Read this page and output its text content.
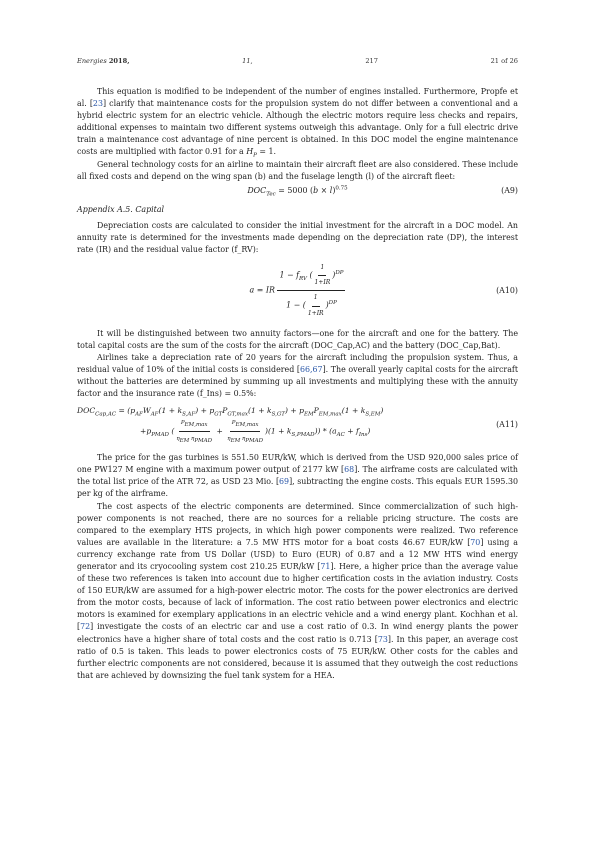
Energies 2018,	11,	217	21 of 26

This equation is modified to be independent of the number of engines installed. Furthermore, Propfe et al. [23] clarify that maintenance costs for the propulsion system do not differ between a conventional and a hybrid electric system for an electric vehicle. Although the electric motors require less checks and repairs, additional expenses to maintain two different systems outweigh this advantage. Only for a full electric drive train a maintenance cost advantage of nine percent is obtained. In this DOC model the engine maintenance costs are multiplied with factor 0.91 for a $H_P = 1$.

General technology costs for an airline to maintain their aircraft fleet are also considered. These include all fixed costs and depend on the wing span (b) and the fuselage length (l) of the aircraft fleet:

$DOC_{Tec} = 5000$ $(b \times l)^{0.75}$	(A9)
Appendix A.5. Capital

Depreciation costs are calculated to consider the initial investment for the aircraft in a DOC model. An annuity rate is determined for the investments made depending on the depreciation rate (DP), the interest rate (IR) and the residual value factor (f_RV):

a = IR $\frac{1 - f_{RV} ( \frac{1}{1+IR} )^{DP}}{1 - ( \frac{1}{1+IR} )^{DP}}$	(A10)

It will be distinguished between two annuity factors—one for the aircraft and one for the battery. The total capital costs are the sum of the costs for the aircraft (DOC_Cap,AC) and the battery (DOC_Cap,Bat).

Airlines take a depreciation rate of 20 years for the aircraft including the propulsion system. Thus, a residual value of 10% of the initial costs is considered [66,67]. The overall yearly capital costs for the aircraft without the batteries are determined by summing up all investments and multiplying these with the annuity factor and the insurance rate (f_Ins) = 0.5%:

$DOC_{Cap,AC} = (p_{AF}W_{AF}(1 + k_{S,AF}) + p_{GT}P_{GT,max}(1 + k_{S,GT}) + p_{EM}P_{EM,max}(1 + k_{S,EM})$
$+p_{PMAD}$ ( $\frac{P_{EM,max}}{\eta_{EM} \eta_{PMAD}} + \frac{P_{EM,max}}{\eta_{EM} \eta_{PMAD}} )(1 + k_{S,PMAD})) * (a_{AC} + f_{Ins})$
(A11)

The price for the gas turbines is 551.50 EUR/kW, which is derived from the USD 920,000 sales price of one PW127 M engine with a maximum power output of 2177 kW [68]. The airframe costs are calculated with the total list price of the ATR 72, as USD 23 Mio. [69], subtracting the engine costs. This equals EUR 1595.30 per kg of the airframe.

The cost aspects of the electric components are determined. Since commercialization of such high-power components is not reached, there are no sources for a reliable pricing structure. The costs are compared to the exemplary HTS projects, in which high power components were realized. Two reference values are available in the literature: a 7.5 MW HTS motor for a boat costs 46.67 EUR/kW [70] using a currency exchange rate from US Dollar (USD) to Euro (EUR) of 0.87 and a 12 MW HTS wind energy generator and its cryocooling system cost 210.25 EUR/kW [71]. Here, a higher price than the average value of these two references is taken into account due to higher certification costs in the aviation industry. Costs of 150 EUR/kW are assumed for a high-power electric motor. The costs for the power electronics are derived from the motor costs, because of lack of information. The cost ratio between power electronics and electric motors is examined for exemplary applications in an electric vehicle and a wind energy plant. Kochhan et al. [72] investigate the costs of an electric car and use a cost ratio of 0.3. In wind energy plants the power electronics have a higher share of total costs and the cost ratio is 0.713 [73]. In this paper, an average cost ratio of 0.5 is taken. This leads to power electronics costs of 75 EUR/kW. Other costs for the cables and further electric components are not considered, because it is assumed that they outweigh the cost reductions that are achieved by downsizing the fuel tank system for a HEA.
